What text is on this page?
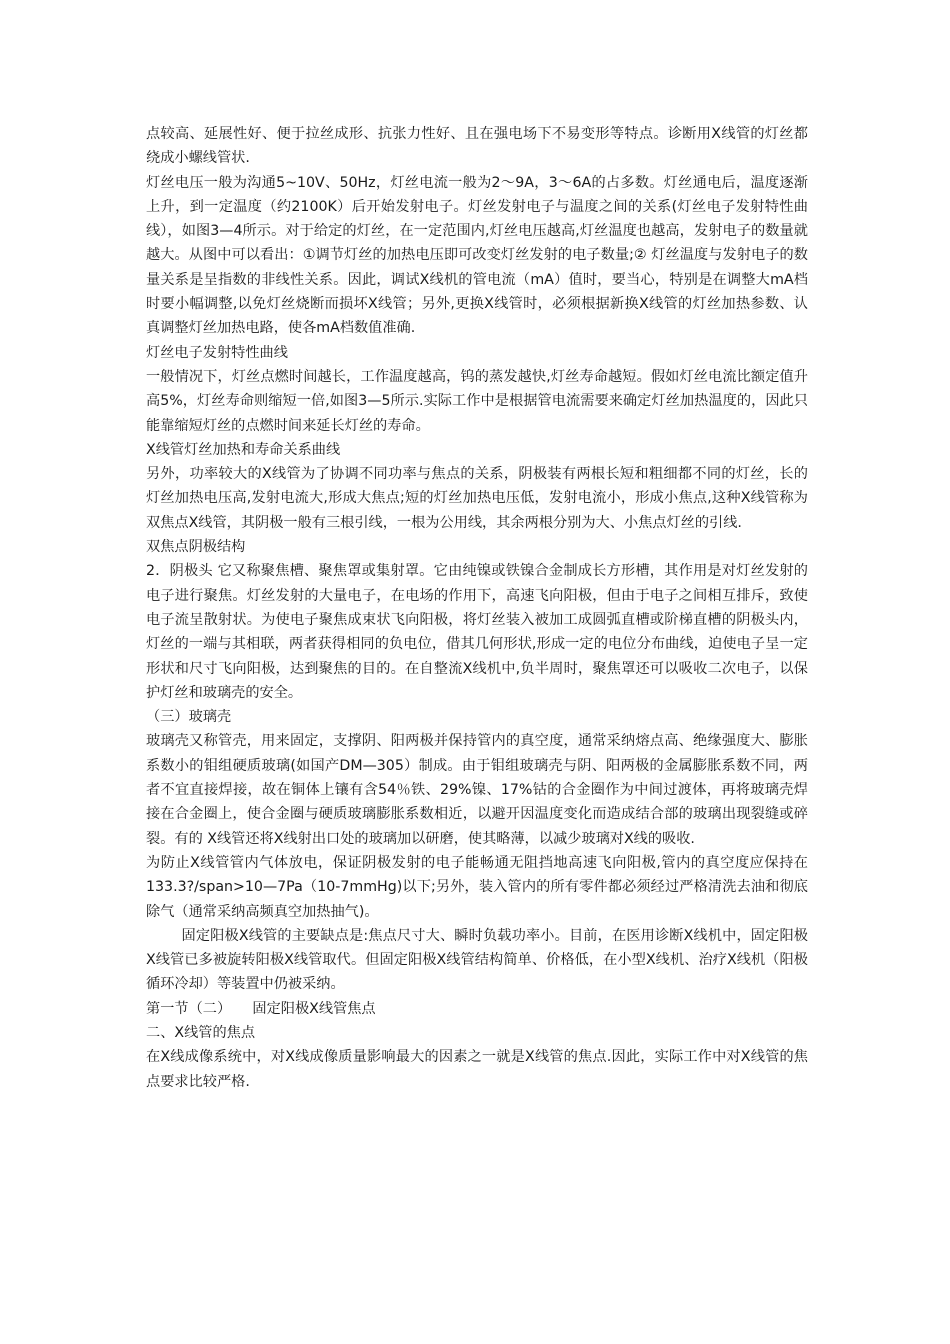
点较高、延展性好、便于拉丝成形、抗张力性好、且在强电场下不易变形等特点。诊断用X线管的灯丝都绕成小螺线管状.

灯丝电压一般为沟通5~10V、50Hz，灯丝电流一般为2～9A，3～6A的占多数。灯丝通电后，温度逐渐上升，到一定温度（约2100K）后开始发射电子。灯丝发射电子与温度之间的关系(灯丝电子发射特性曲线），如图3—4所示。对于给定的灯丝，在一定范围内,灯丝电压越高,灯丝温度也越高，发射电子的数量就越大。从图中可以看出：①调节灯丝的加热电压即可改变灯丝发射的电子数量;② 灯丝温度与发射电子的数量关系是呈指数的非线性关系。因此，调试X线机的管电流（mA）值时，要当心，特别是在调整大mA档时要小幅调整,以免灯丝烧断而损坏X线管；另外,更换X线管时，必须根据新换X线管的灯丝加热参数、认真调整灯丝加热电路，使各mA档数值准确.

灯丝电子发射特性曲线

一般情况下，灯丝点燃时间越长，工作温度越高，钨的蒸发越快,灯丝寿命越短。假如灯丝电流比额定值升高5%，灯丝寿命则缩短一倍,如图3—5所示.实际工作中是根据管电流需要来确定灯丝加热温度的，因此只能靠缩短灯丝的点燃时间来延长灯丝的寿命。

X线管灯丝加热和寿命关系曲线

另外，功率较大的X线管为了协调不同功率与焦点的关系，阴极装有两根长短和粗细都不同的灯丝，长的灯丝加热电压高,发射电流大,形成大焦点;短的灯丝加热电压低，发射电流小，形成小焦点,这种X线管称为双焦点X线管，其阴极一般有三根引线，一根为公用线，其余两根分别为大、小焦点灯丝的引线.

双焦点阴极结构

2．阴极头 它又称聚焦槽、聚焦罩或集射罩。它由纯镍或铁镍合金制成长方形槽，其作用是对灯丝发射的电子进行聚焦。灯丝发射的大量电子，在电场的作用下，高速飞向阳极，但由于电子之间相互排斥，致使电子流呈散射状。为使电子聚焦成束状飞向阳极，将灯丝装入被加工成圆弧直槽或阶梯直槽的阴极头内，灯丝的一端与其相联，两者获得相同的负电位，借其几何形状,形成一定的电位分布曲线，迫使电子呈一定形状和尺寸飞向阳极，达到聚焦的目的。在自整流X线机中,负半周时，聚焦罩还可以吸收二次电子，以保护灯丝和玻璃壳的安全。

（三）玻璃壳

玻璃壳又称管壳，用来固定，支撑阴、阳两极并保持管内的真空度，通常采纳熔点高、绝缘强度大、膨胀系数小的钼组硬质玻璃(如国产DM—305）制成。由于钼组玻璃壳与阴、阳两极的金属膨胀系数不同，两者不宜直接焊接，故在铜体上镶有含54％铁、29%镍、17%钴的合金圈作为中间过渡体，再将玻璃壳焊接在合金圈上，使合金圈与硬质玻璃膨胀系数相近，以避开因温度变化而造成结合部的玻璃出现裂缝或碎裂。有的 X线管还将X线射出口处的玻璃加以研磨，使其略薄，以减少玻璃对X线的吸收.

为防止X线管管内气体放电，保证阴极发射的电子能畅通无阻挡地高速飞向阳极,管内的真空度应保持在133.3?/span>10—7Pa（10-7mmHg)以下;另外，装入管内的所有零件都必须经过严格清洗去油和彻底除气（通常采纳高频真空加热抽气)。

固定阳极X线管的主要缺点是:焦点尺寸大、瞬时负载功率小。目前，在医用诊断X线机中，固定阳极X线管已多被旋转阳极X线管取代。但固定阳极X线管结构简单、价格低，在小型X线机、治疗X线机（阳极循环冷却）等装置中仍被采纳。

第一节（二）　　固定阳极X线管焦点

二、X线管的焦点

在X线成像系统中，对X线成像质量影响最大的因素之一就是X线管的焦点.因此，实际工作中对X线管的焦点要求比较严格.
